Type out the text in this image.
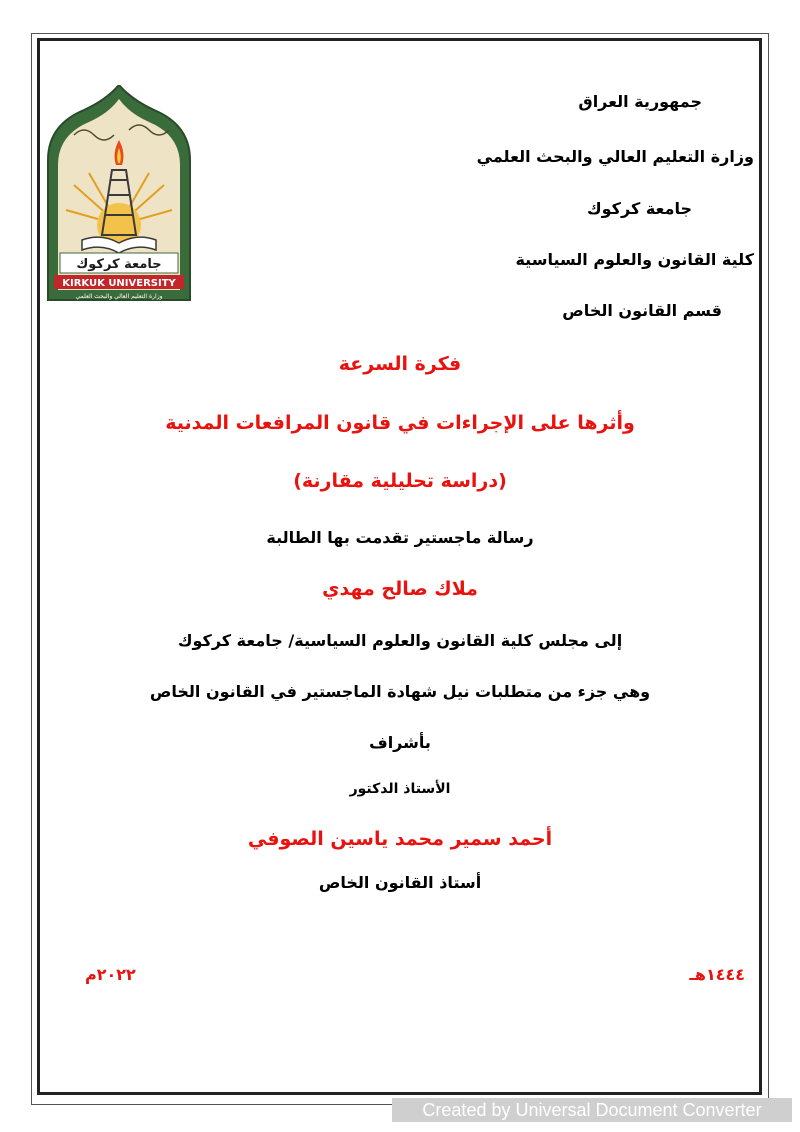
جامعة كركوك
KIRKUK UNIVERSITY
وزارة التعليم العالي والبحث العلمي
جمهورية العراق
وزارة التعليم العالي والبحث العلمي
جامعة كركوك
كلية القانون والعلوم السياسية
قسم القانون الخاص
فكرة السرعة
وأثرها على الإجراءات في قانون المرافعات المدنية
(دراسة تحليلية مقارنة)
رسالة ماجستير تقدمت بها الطالبة
ملاك صالح مهدي
إلى مجلس كلية القانون والعلوم السياسية/ جامعة كركوك
وهي جزء من متطلبات نيل شهادة الماجستير في القانون الخاص
بأشراف
الأستاذ الدكتور
أحمد سمير محمد ياسين الصوفي
أستاذ القانون الخاص
١٤٤٤هـ
٢٠٢٢م
Created by Universal Document Converter
